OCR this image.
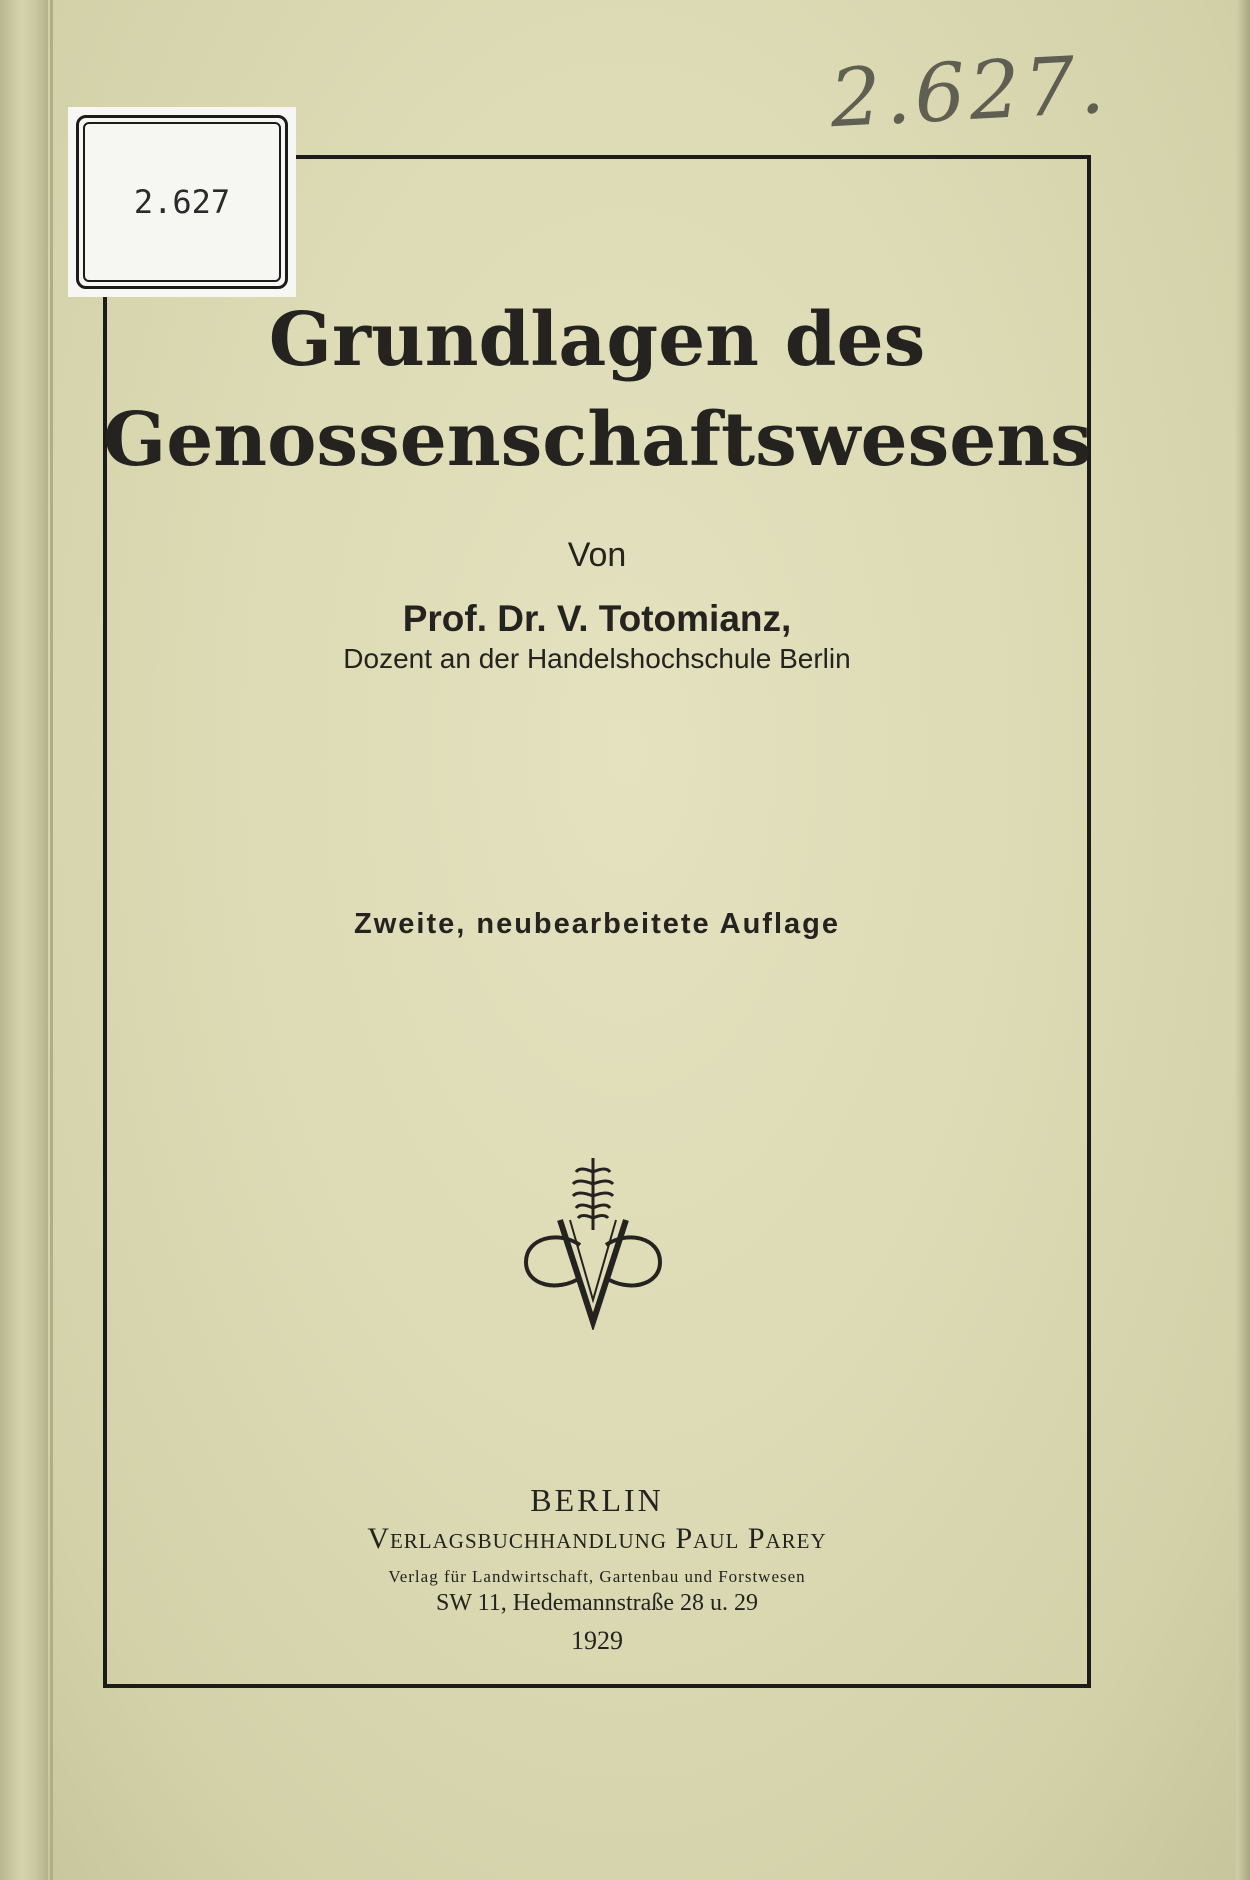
2.627
2.627.
Grundlagen des
Genossenschaftswesens
Von
Prof. Dr. V. Totomianz,
Dozent an der Handelshochschule Berlin
Zweite, neubearbeitete Auflage
BERLIN
Verlagsbuchhandlung Paul Parey
Verlag für Landwirtschaft, Gartenbau und Forstwesen
SW 11, Hedemannstraße 28 u. 29
1929
